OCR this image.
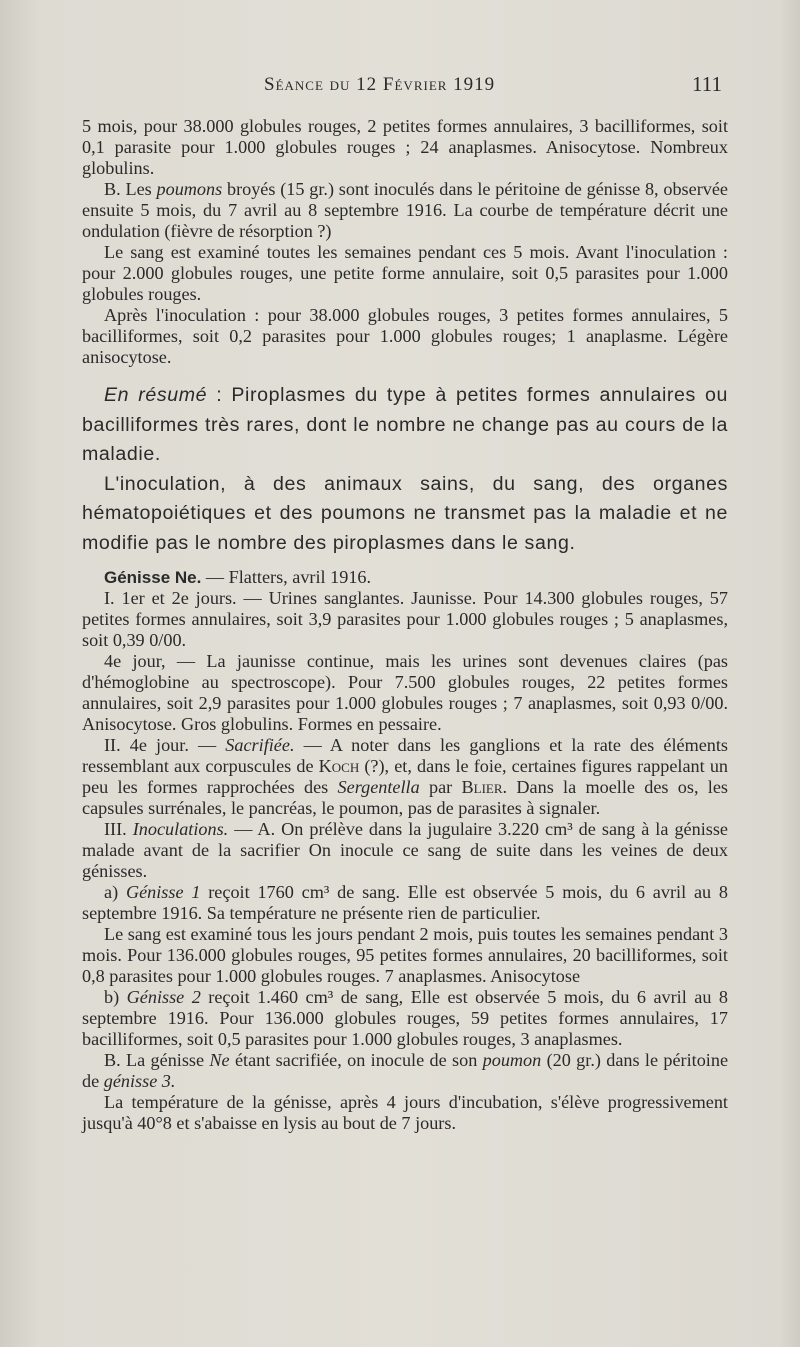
Séance du 12 Février 1919	111

5 mois, pour 38.000 globules rouges, 2 petites formes annulaires, 3 bacilliformes, soit 0,1 parasite pour 1.000 globules rouges ; 24 anaplasmes. Anisocytose. Nombreux globulins.

B. Les poumons broyés (15 gr.) sont inoculés dans le péritoine de génisse 8, observée ensuite 5 mois, du 7 avril au 8 septembre 1916. La courbe de température décrit une ondulation (fièvre de résorption ?)

Le sang est examiné toutes les semaines pendant ces 5 mois. Avant l'inoculation : pour 2.000 globules rouges, une petite forme annulaire, soit 0,5 parasites pour 1.000 globules rouges.

Après l'inoculation : pour 38.000 globules rouges, 3 petites formes annulaires, 5 bacilliformes, soit 0,2 parasites pour 1.000 globules rouges; 1 anaplasme. Légère anisocytose.

En résumé : Piroplasmes du type à petites formes annulaires ou bacilliformes très rares, dont le nombre ne change pas au cours de la maladie.

L'inoculation, à des animaux sains, du sang, des organes hématopoiétiques et des poumons ne transmet pas la maladie et ne modifie pas le nombre des piroplasmes dans le sang.

Génisse Ne. — Flatters, avril 1916.

I. 1er et 2e jours. — Urines sanglantes. Jaunisse. Pour 14.300 globules rouges, 57 petites formes annulaires, soit 3,9 parasites pour 1.000 globules rouges ; 5 anaplasmes, soit 0,39 0/00.

4e jour, — La jaunisse continue, mais les urines sont devenues claires (pas d'hémoglobine au spectroscope). Pour 7.500 globules rouges, 22 petites formes annulaires, soit 2,9 parasites pour 1.000 globules rouges ; 7 anaplasmes, soit 0,93 0/00. Anisocytose. Gros globulins. Formes en pessaire.

II. 4e jour. — Sacrifiée. — A noter dans les ganglions et la rate des éléments ressemblant aux corpuscules de Koch (?), et, dans le foie, certaines figures rappelant un peu les formes rapprochées des Sergentella par Blier. Dans la moelle des os, les capsules surrénales, le pancréas, le poumon, pas de parasites à signaler.

III. Inoculations. — A. On prélève dans la jugulaire 3.220 cm³ de sang à la génisse malade avant de la sacrifier On inocule ce sang de suite dans les veines de deux génisses.

a) Génisse 1 reçoit 1760 cm³ de sang. Elle est observée 5 mois, du 6 avril au 8 septembre 1916. Sa température ne présente rien de particulier.

Le sang est examiné tous les jours pendant 2 mois, puis toutes les semaines pendant 3 mois. Pour 136.000 globules rouges, 95 petites formes annulaires, 20 bacilliformes, soit 0,8 parasites pour 1.000 globules rouges. 7 anaplasmes. Anisocytose

b) Génisse 2 reçoit 1.460 cm³ de sang, Elle est observée 5 mois, du 6 avril au 8 septembre 1916. Pour 136.000 globules rouges, 59 petites formes annulaires, 17 bacilliformes, soit 0,5 parasites pour 1.000 globules rouges, 3 anaplasmes.

B. La génisse Ne étant sacrifiée, on inocule de son poumon (20 gr.) dans le péritoine de génisse 3.

La température de la génisse, après 4 jours d'incubation, s'élève progressivement jusqu'à 40°8 et s'abaisse en lysis au bout de 7 jours.
